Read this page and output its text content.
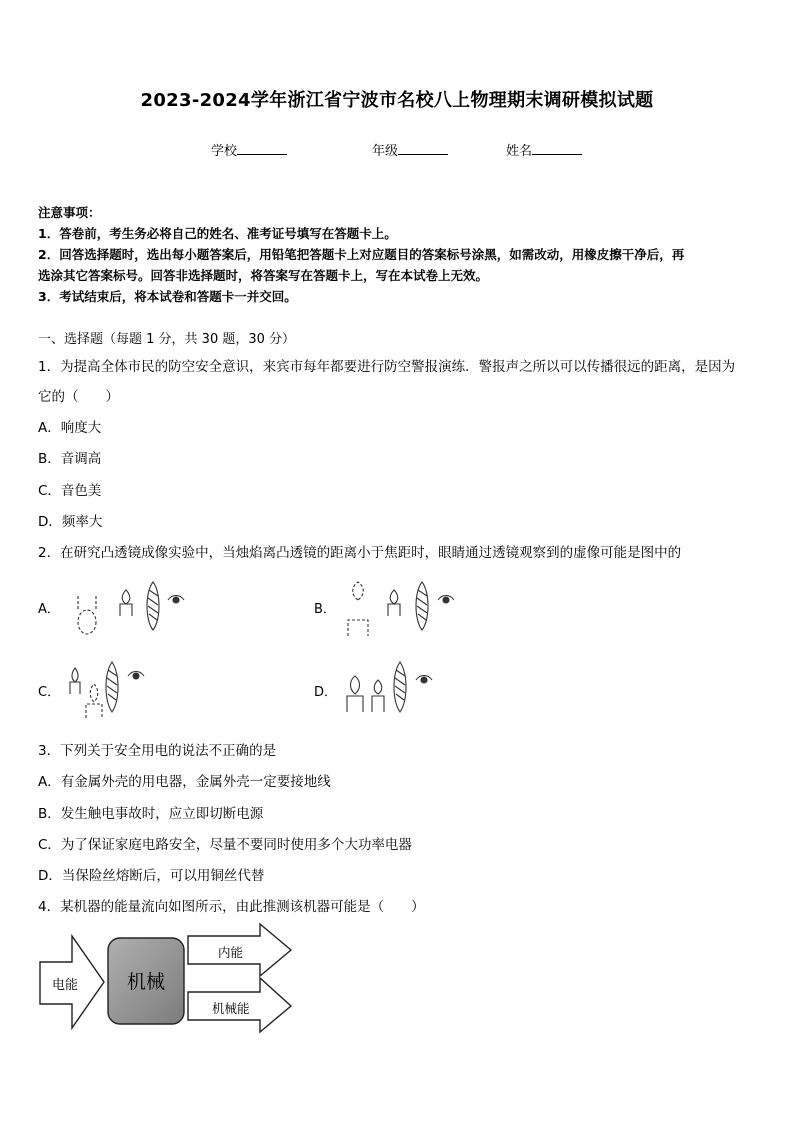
2023-2024学年浙江省宁波市名校八上物理期末调研模拟试题
学校	年级	姓名
注意事项：
1．答卷前，考生务必将自己的姓名、准考证号填写在答题卡上。
2．回答选择题时，选出每小题答案后，用铅笔把答题卡上对应题目的答案标号涂黑，如需改动，用橡皮擦干净后，再
选涂其它答案标号。回答非选择题时，将答案写在答题卡上，写在本试卷上无效。
3．考试结束后，将本试卷和答题卡一并交回。
一、选择题（每题 1 分，共 30 题，30 分）
1．为提高全体市民的防空安全意识，来宾市每年都要进行防空警报演练．警报声之所以可以传播很远的距离，是因为
它的（　　）
A．响度大
B．音调高
C．音色美
D．频率大
2．在研究凸透镜成像实验中，当烛焰离凸透镜的距离小于焦距时，眼睛通过透镜观察到的虚像可能是图中的
A．	B．
C．	D．
3．下列关于安全用电的说法不正确的是
A．有金属外壳的用电器，金属外壳一定要接地线
B．发生触电事故时，应立即切断电源
C．为了保证家庭电路安全，尽量不要同时使用多个大功率电器
D．当保险丝熔断后，可以用铜丝代替
4．某机器的能量流向如图所示，由此推测该机器可能是（　　）
电能	机械
内能
机械能
